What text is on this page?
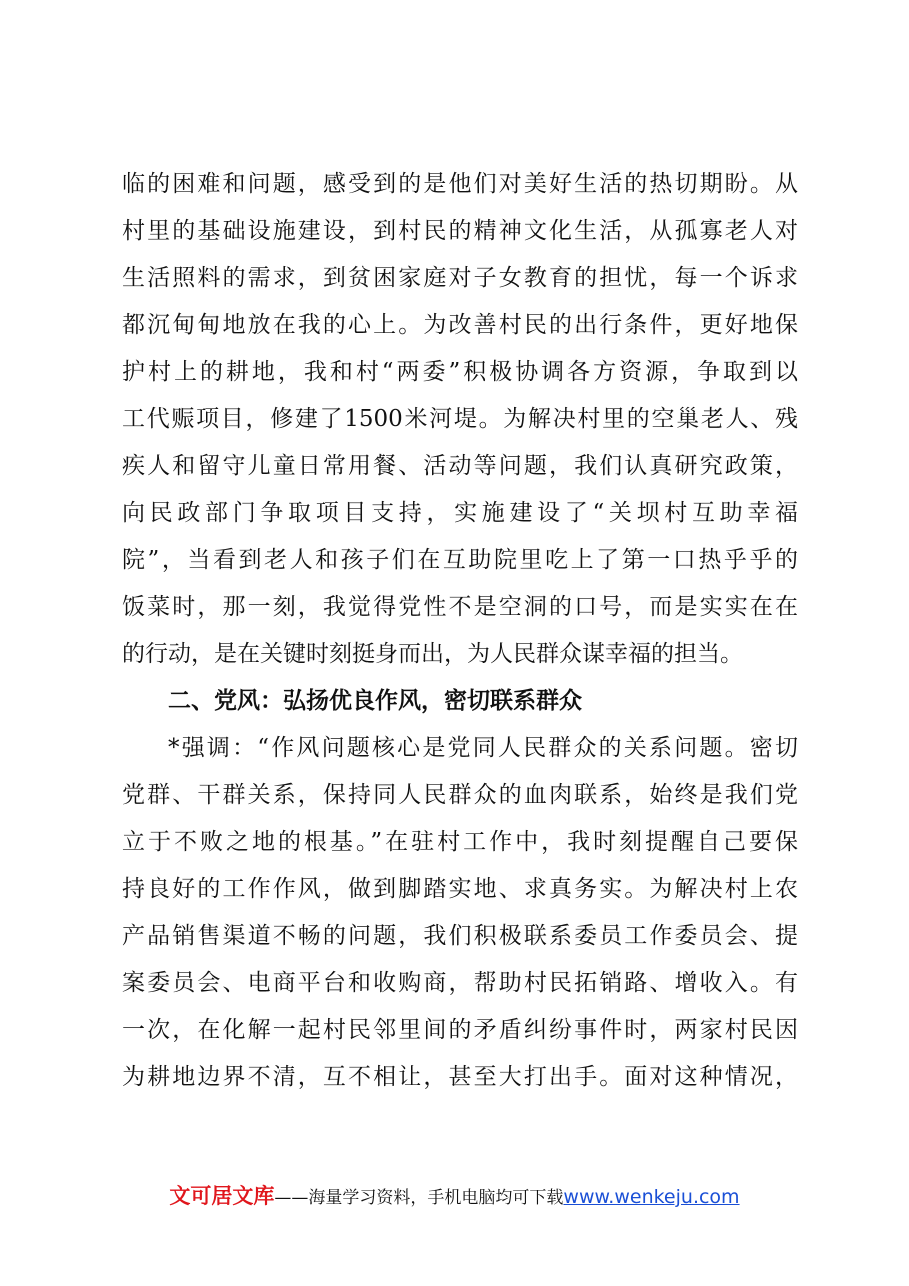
临的困难和问题，感受到的是他们对美好生活的热切期盼。从
村里的基础设施建设，到村民的精神文化生活，从孤寡老人对
生活照料的需求，到贫困家庭对子女教育的担忧，每一个诉求
都沉甸甸地放在我的心上。为改善村民的出行条件，更好地保
护村上的耕地，我和村“两委”积极协调各方资源，争取到以
工代赈项目，修建了1500米河堤。为解决村里的空巢老人、残
疾人和留守儿童日常用餐、活动等问题，我们认真研究政策，
向民政部门争取项目支持，实施建设了“关坝村互助幸福
院”，当看到老人和孩子们在互助院里吃上了第一口热乎乎的
饭菜时，那一刻，我觉得党性不是空洞的口号，而是实实在在
的行动，是在关键时刻挺身而出，为人民群众谋幸福的担当。
二、党风：弘扬优良作风，密切联系群众
*强调：“作风问题核心是党同人民群众的关系问题。密切
党群、干群关系，保持同人民群众的血肉联系，始终是我们党
立于不败之地的根基。”在驻村工作中，我时刻提醒自己要保
持良好的工作作风，做到脚踏实地、求真务实。为解决村上农
产品销售渠道不畅的问题，我们积极联系委员工作委员会、提
案委员会、电商平台和收购商，帮助村民拓销路、增收入。有
一次，在化解一起村民邻里间的矛盾纠纷事件时，两家村民因
为耕地边界不清，互不相让，甚至大打出手。面对这种情况，
文可居文库——海量学习资料，手机电脑均可下载www.wenkeju.com
